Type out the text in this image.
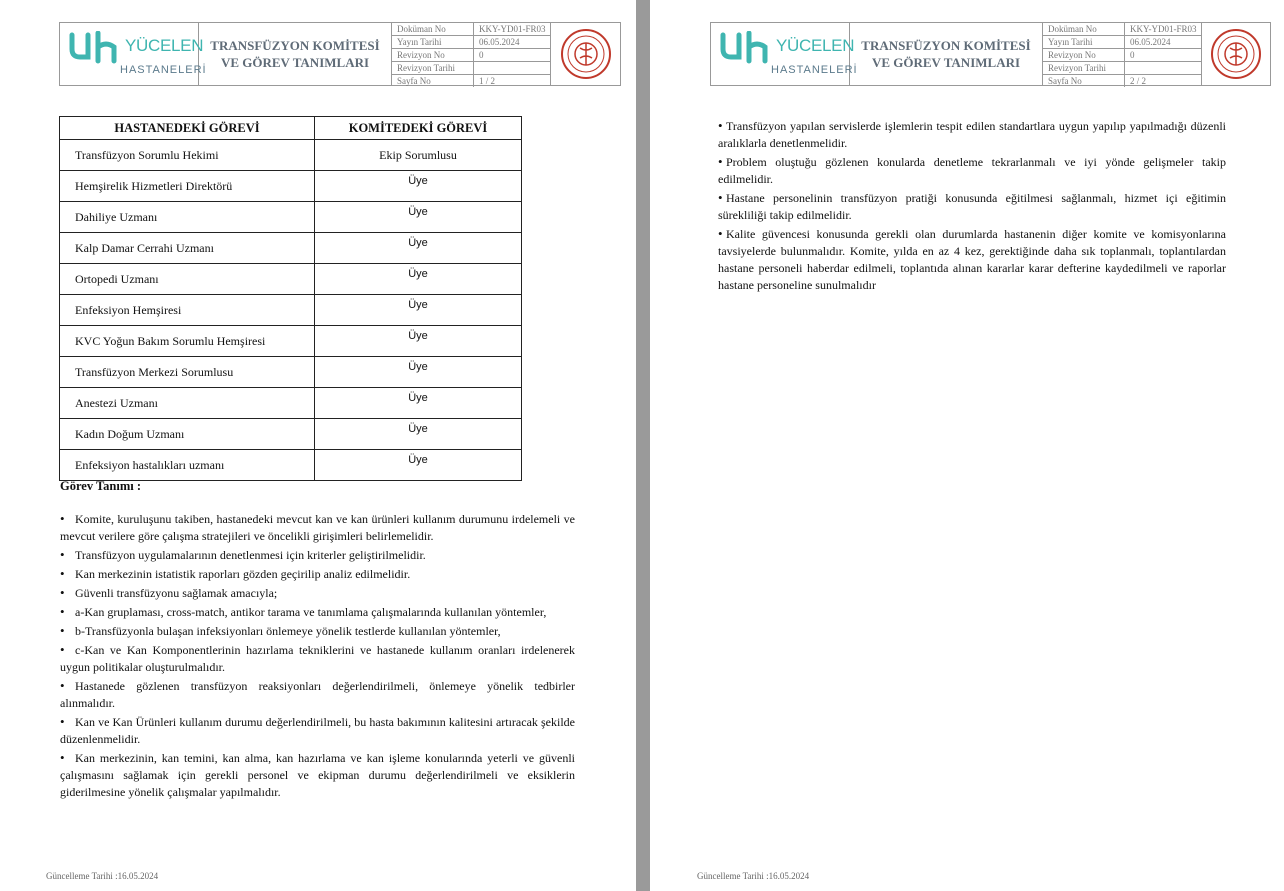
YÜCELEN
HASTANELERİ
TRANSFÜZYON KOMİTESİ
VE GÖREV TANIMLARI
Doküman No	KKY-YD01-FR03
Yayın Tarihi	06.05.2024
Revizyon No	0
Revizyon Tarihi
Sayfa No	1 / 2
HASTANEDEKİ GÖREVİ	KOMİTEDEKİ GÖREVİ
Transfüzyon Sorumlu Hekimi	Ekip Sorumlusu
Hemşirelik Hizmetleri Direktörü	Üye
Dahiliye Uzmanı	Üye
Kalp Damar Cerrahi Uzmanı	Üye
Ortopedi Uzmanı	Üye
Enfeksiyon Hemşiresi	Üye
KVC Yoğun Bakım Sorumlu Hemşiresi	Üye
Transfüzyon Merkezi Sorumlusu	Üye
Anestezi Uzmanı	Üye
Kadın Doğum Uzmanı	Üye
Enfeksiyon hastalıkları uzmanı	Üye
Görev Tanımı :
• Komite, kuruluşunu takiben, hastanedeki mevcut kan ve kan ürünleri kullanım durumunu irdelemeli ve mevcut verilere göre çalışma stratejileri ve öncelikli girişimleri belirlemelidir.
• Transfüzyon uygulamalarının denetlenmesi için kriterler geliştirilmelidir.
• Kan merkezinin istatistik raporları gözden geçirilip analiz edilmelidir.
• Güvenli transfüzyonu sağlamak amacıyla;
• a-Kan gruplaması, cross-match, antikor tarama ve tanımlama çalışmalarında kullanılan yöntemler,
• b-Transfüzyonla bulaşan infeksiyonları önlemeye yönelik testlerde kullanılan yöntemler,
• c-Kan ve Kan Komponentlerinin hazırlama tekniklerini ve hastanede kullanım oranları irdelenerek uygun politikalar oluşturulmalıdır.
• Hastanede gözlenen transfüzyon reaksiyonları değerlendirilmeli, önlemeye yönelik tedbirler alınmalıdır.
• Kan ve Kan Ürünleri kullanım durumu değerlendirilmeli, bu hasta bakımının kalitesini artıracak şekilde düzenlenmelidir.
• Kan merkezinin, kan temini, kan alma, kan hazırlama ve kan işleme konularında yeterli ve güvenli çalışmasını sağlamak için gerekli personel ve ekipman durumu değerlendirilmeli ve eksiklerin giderilmesine yönelik çalışmalar yapılmalıdır.
Güncelleme Tarihi :16.05.2024
YÜCELEN
HASTANELERİ
TRANSFÜZYON KOMİTESİ
VE GÖREV TANIMLARI
Doküman No	KKY-YD01-FR03
Yayın Tarihi	06.05.2024
Revizyon No	0
Revizyon Tarihi
Sayfa No	2 / 2
Güncelleme Tarihi :16.05.2024
• Transfüzyon yapılan servislerde işlemlerin tespit edilen standartlara uygun yapılıp yapılmadığı düzenli aralıklarla denetlenmelidir.
• Problem oluştuğu gözlenen konularda denetleme tekrarlanmalı ve iyi yönde gelişmeler takip edilmelidir.
• Hastane personelinin transfüzyon pratiği konusunda eğitilmesi sağlanmalı, hizmet içi eğitimin sürekliliği takip edilmelidir.
• Kalite güvencesi konusunda gerekli olan durumlarda hastanenin diğer komite ve komisyonlarına tavsiyelerde bulunmalıdır. Komite, yılda en az 4 kez, gerektiğinde daha sık toplanmalı, toplantılardan hastane personeli haberdar edilmeli, toplantıda alınan kararlar karar defterine kaydedilmeli ve raporlar hastane personeline sunulmalıdır
